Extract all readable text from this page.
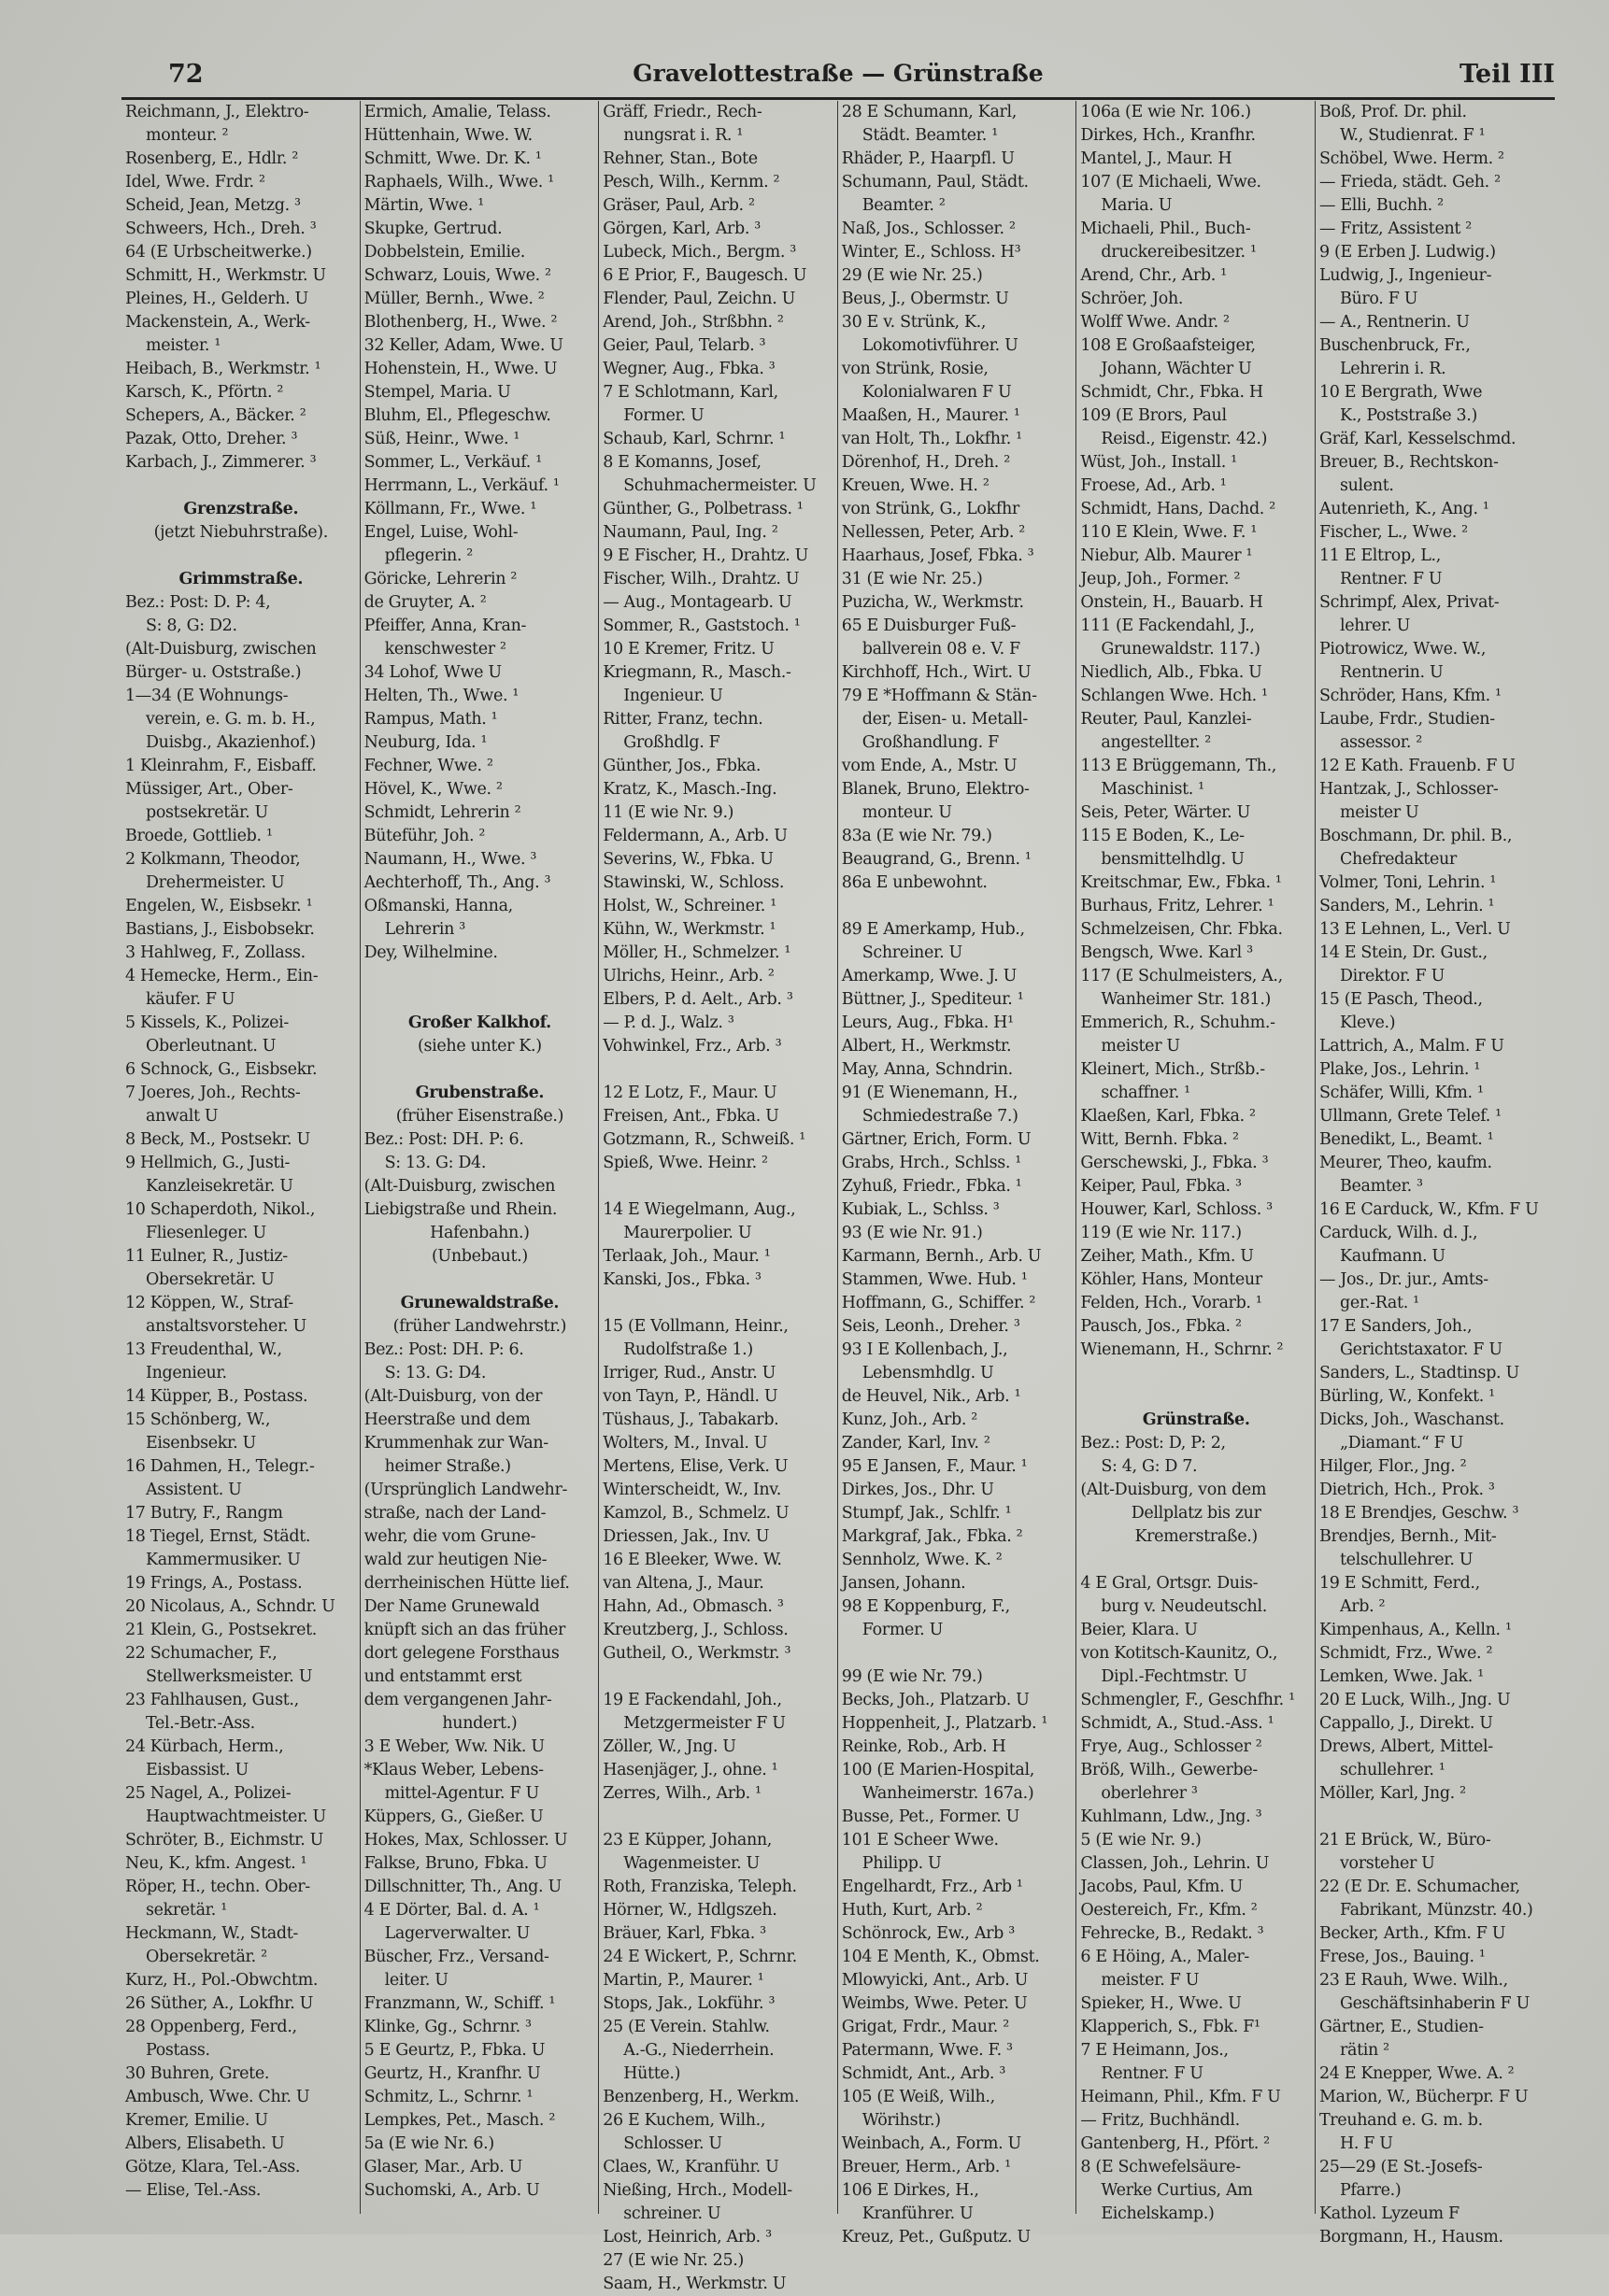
72	Gravelottestraße — Grünstraße	Teil III
Reichmann, J., Elektro-
monteur. ²
Rosenberg, E., Hdlr. ²
Idel, Wwe. Frdr. ²
Scheid, Jean, Metzg. ³
Schweers, Hch., Dreh. ³
64 (E Urbscheitwerke.)
Schmitt, H., Werkmstr. U
Pleines, H., Gelderh. U
Mackenstein, A., Werk-
meister. ¹
Heibach, B., Werkmstr. ¹
Karsch, K., Pförtn. ²
Schepers, A., Bäcker. ²
Pazak, Otto, Dreher. ³
Karbach, J., Zimmerer. ³
Grenzstraße.
(jetzt Niebuhrstraße).
Grimmstraße.
Bez.: Post: D. P: 4,
S: 8, G: D2.
(Alt-Duisburg, zwischen
Bürger- u. Oststraße.)
1—34 (E Wohnungs-
verein, e. G. m. b. H.,
Duisbg., Akazienhof.)
1 Kleinrahm, F., Eisbaff.
Müssiger, Art., Ober-
postsekretär. U
Broede, Gottlieb. ¹
2 Kolkmann, Theodor,
Drehermeister. U
Engelen, W., Eisbsekr. ¹
Bastians, J., Eisbobsekr.
3 Hahlweg, F., Zollass.
4 Hemecke, Herm., Ein-
käufer. F U
5 Kissels, K., Polizei-
Oberleutnant. U
6 Schnock, G., Eisbsekr.
7 Joeres, Joh., Rechts-
anwalt U
8 Beck, M., Postsekr. U
9 Hellmich, G., Justi-
Kanzleisekretär. U
10 Schaperdoth, Nikol.,
Fliesenleger. U
11 Eulner, R., Justiz-
Obersekretär. U
12 Köppen, W., Straf-
anstaltsvorsteher. U
13 Freudenthal, W.,
Ingenieur.
14 Küpper, B., Postass.
15 Schönberg, W.,
Eisenbsekr. U
16 Dahmen, H., Telegr.-
Assistent. U
17 Butry, F., Rangm
18 Tiegel, Ernst, Städt.
Kammermusiker. U
19 Frings, A., Postass.
20 Nicolaus, A., Schndr. U
21 Klein, G., Postsekret.
22 Schumacher, F.,
Stellwerksmeister. U
23 Fahlhausen, Gust.,
Tel.-Betr.-Ass.
24 Kürbach, Herm.,
Eisbassist. U
25 Nagel, A., Polizei-
Hauptwachtmeister. U
Schröter, B., Eichmstr. U
Neu, K., kfm. Angest. ¹
Röper, H., techn. Ober-
sekretär. ¹
Heckmann, W., Stadt-
Obersekretär. ²
Kurz, H., Pol.-Obwchtm.
26 Süther, A., Lokfhr. U
28 Oppenberg, Ferd.,
Postass.
30 Buhren, Grete.
Ambusch, Wwe. Chr. U
Kremer, Emilie. U
Albers, Elisabeth. U
Götze, Klara, Tel.-Ass.
— Elise, Tel.-Ass.
Ermich, Amalie, Telass.
Hüttenhain, Wwe. W.
Schmitt, Wwe. Dr. K. ¹
Raphaels, Wilh., Wwe. ¹
Märtin, Wwe. ¹
Skupke, Gertrud.
Dobbelstein, Emilie.
Schwarz, Louis, Wwe. ²
Müller, Bernh., Wwe. ²
Blothenberg, H., Wwe. ²
32 Keller, Adam, Wwe. U
Hohenstein, H., Wwe. U
Stempel, Maria. U
Bluhm, El., Pflegeschw.
Süß, Heinr., Wwe. ¹
Sommer, L., Verkäuf. ¹
Herrmann, L., Verkäuf. ¹
Köllmann, Fr., Wwe. ¹
Engel, Luise, Wohl-
pflegerin. ²
Göricke, Lehrerin ²
de Gruyter, A. ²
Pfeiffer, Anna, Kran-
kenschwester ²
34 Lohof, Wwe U
Helten, Th., Wwe. ¹
Rampus, Math. ¹
Neuburg, Ida. ¹
Fechner, Wwe. ²
Hövel, K., Wwe. ²
Schmidt, Lehrerin ²
Büteführ, Joh. ²
Naumann, H., Wwe. ³
Aechterhoff, Th., Ang. ³
Oßmanski, Hanna,
Lehrerin ³
Dey, Wilhelmine.
Großer Kalkhof.
(siehe unter K.)
Grubenstraße.
(früher Eisenstraße.)
Bez.: Post: DH. P: 6.
S: 13. G: D4.
(Alt-Duisburg, zwischen
Liebigstraße und Rhein.
Hafenbahn.)
(Unbebaut.)
Grunewaldstraße.
(früher Landwehrstr.)
Bez.: Post: DH. P: 6.
S: 13. G: D4.
(Alt-Duisburg, von der
Heerstraße und dem
Krummenhak zur Wan-
heimer Straße.)
(Ursprünglich Landwehr-
straße, nach der Land-
wehr, die vom Grune-
wald zur heutigen Nie-
derrheinischen Hütte lief.
Der Name Grunewald
knüpft sich an das früher
dort gelegene Forsthaus
und entstammt erst
dem vergangenen Jahr-
hundert.)
3 E Weber, Ww. Nik. U
*Klaus Weber, Lebens-
mittel-Agentur. F U
Küppers, G., Gießer. U
Hokes, Max, Schlosser. U
Falkse, Bruno, Fbka. U
Dillschnitter, Th., Ang. U
4 E Dörter, Bal. d. A. ¹
Lagerverwalter. U
Büscher, Frz., Versand-
leiter. U
Franzmann, W., Schiff. ¹
Klinke, Gg., Schrnr. ³
5 E Geurtz, P., Fbka. U
Geurtz, H., Kranfhr. U
Schmitz, L., Schrnr. ¹
Lempkes, Pet., Masch. ²
5a (E wie Nr. 6.)
Glaser, Mar., Arb. U
Suchomski, A., Arb. U
Gräff, Friedr., Rech-
nungsrat i. R. ¹
Rehner, Stan., Bote
Pesch, Wilh., Kernm. ²
Gräser, Paul, Arb. ²
Görgen, Karl, Arb. ³
Lubeck, Mich., Bergm. ³
6 E Prior, F., Baugesch. U
Flender, Paul, Zeichn. U
Arend, Joh., Strßbhn. ²
Geier, Paul, Telarb. ³
Wegner, Aug., Fbka. ³
7 E Schlotmann, Karl,
Former. U
Schaub, Karl, Schrnr. ¹
8 E Komanns, Josef,
Schuhmachermeister. U
Günther, G., Polbetrass. ¹
Naumann, Paul, Ing. ²
9 E Fischer, H., Drahtz. U
Fischer, Wilh., Drahtz. U
— Aug., Montagearb. U
Sommer, R., Gaststoch. ¹
10 E Kremer, Fritz. U
Kriegmann, R., Masch.-
Ingenieur. U
Ritter, Franz, techn.
Großhdlg. F
Günther, Jos., Fbka.
Kratz, K., Masch.-Ing.
11 (E wie Nr. 9.)
Feldermann, A., Arb. U
Severins, W., Fbka. U
Stawinski, W., Schloss.
Holst, W., Schreiner. ¹
Kühn, W., Werkmstr. ¹
Möller, H., Schmelzer. ¹
Ulrichs, Heinr., Arb. ²
Elbers, P. d. Aelt., Arb. ³
— P. d. J., Walz. ³
Vohwinkel, Frz., Arb. ³
12 E Lotz, F., Maur. U
Freisen, Ant., Fbka. U
Gotzmann, R., Schweiß. ¹
Spieß, Wwe. Heinr. ²
14 E Wiegelmann, Aug.,
Maurerpolier. U
Terlaak, Joh., Maur. ¹
Kanski, Jos., Fbka. ³
15 (E Vollmann, Heinr.,
Rudolfstraße 1.)
Irriger, Rud., Anstr. U
von Tayn, P., Händl. U
Tüshaus, J., Tabakarb.
Wolters, M., Inval. U
Mertens, Elise, Verk. U
Winterscheidt, W., Inv.
Kamzol, B., Schmelz. U
Driessen, Jak., Inv. U
16 E Bleeker, Wwe. W.
van Altena, J., Maur.
Hahn, Ad., Obmasch. ³
Kreutzberg, J., Schloss.
Gutheil, O., Werkmstr. ³
19 E Fackendahl, Joh.,
Metzgermeister F U
Zöller, W., Jng. U
Hasenjäger, J., ohne. ¹
Zerres, Wilh., Arb. ¹
23 E Küpper, Johann,
Wagenmeister. U
Roth, Franziska, Teleph.
Hörner, W., Hdlgszeh.
Bräuer, Karl, Fbka. ³
24 E Wickert, P., Schrnr.
Martin, P., Maurer. ¹
Stops, Jak., Lokführ. ³
25 (E Verein. Stahlw.
A.-G., Niederrhein.
Hütte.)
Benzenberg, H., Werkm.
26 E Kuchem, Wilh.,
Schlosser. U
Claes, W., Kranführ. U
Nießing, Hrch., Modell-
schreiner. U
Lost, Heinrich, Arb. ³
27 (E wie Nr. 25.)
Saam, H., Werkmstr. U
28 E Schumann, Karl,
Städt. Beamter. ¹
Rhäder, P., Haarpfl. U
Schumann, Paul, Städt.
Beamter. ²
Naß, Jos., Schlosser. ²
Winter, E., Schloss. H³
29 (E wie Nr. 25.)
Beus, J., Obermstr. U
30 E v. Strünk, K.,
Lokomotivführer. U
von Strünk, Rosie,
Kolonialwaren F U
Maaßen, H., Maurer. ¹
van Holt, Th., Lokfhr. ¹
Dörenhof, H., Dreh. ²
Kreuen, Wwe. H. ²
von Strünk, G., Lokfhr
Nellessen, Peter, Arb. ²
Haarhaus, Josef, Fbka. ³
31 (E wie Nr. 25.)
Puzicha, W., Werkmstr.
65 E Duisburger Fuß-
ballverein 08 e. V. F
Kirchhoff, Hch., Wirt. U
79 E *Hoffmann & Stän-
der, Eisen- u. Metall-
Großhandlung. F
vom Ende, A., Mstr. U
Blanek, Bruno, Elektro-
monteur. U
83a (E wie Nr. 79.)
Beaugrand, G., Brenn. ¹
86a E unbewohnt.
89 E Amerkamp, Hub.,
Schreiner. U
Amerkamp, Wwe. J. U
Büttner, J., Spediteur. ¹
Leurs, Aug., Fbka. H¹
Albert, H., Werkmstr.
May, Anna, Schndrin.
91 (E Wienemann, H.,
Schmiedestraße 7.)
Gärtner, Erich, Form. U
Grabs, Hrch., Schlss. ¹
Zyhuß, Friedr., Fbka. ¹
Kubiak, L., Schlss. ³
93 (E wie Nr. 91.)
Karmann, Bernh., Arb. U
Stammen, Wwe. Hub. ¹
Hoffmann, G., Schiffer. ²
Seis, Leonh., Dreher. ³
93 I E Kollenbach, J.,
Lebensmhdlg. U
de Heuvel, Nik., Arb. ¹
Kunz, Joh., Arb. ²
Zander, Karl, Inv. ²
95 E Jansen, F., Maur. ¹
Dirkes, Jos., Dhr. U
Stumpf, Jak., Schlfr. ¹
Markgraf, Jak., Fbka. ²
Sennholz, Wwe. K. ²
Jansen, Johann.
98 E Koppenburg, F.,
Former. U
99 (E wie Nr. 79.)
Becks, Joh., Platzarb. U
Hoppenheit, J., Platzarb. ¹
Reinke, Rob., Arb. H
100 (E Marien-Hospital,
Wanheimerstr. 167a.)
Busse, Pet., Former. U
101 E Scheer Wwe.
Philipp. U
Engelhardt, Frz., Arb ¹
Huth, Kurt, Arb. ²
Schönrock, Ew., Arb ³
104 E Menth, K., Obmst.
Mlowyicki, Ant., Arb. U
Weimbs, Wwe. Peter. U
Grigat, Frdr., Maur. ²
Patermann, Wwe. F. ³
Schmidt, Ant., Arb. ³
105 (E Weiß, Wilh.,
Wörihstr.)
Weinbach, A., Form. U
Breuer, Herm., Arb. ¹
106 E Dirkes, H.,
Kranführer. U
Kreuz, Pet., Gußputz. U
106a (E wie Nr. 106.)
Dirkes, Hch., Kranfhr.
Mantel, J., Maur. H
107 (E Michaeli, Wwe.
Maria. U
Michaeli, Phil., Buch-
druckereibesitzer. ¹
Arend, Chr., Arb. ¹
Schröer, Joh.
Wolff Wwe. Andr. ²
108 E Großaafsteiger,
Johann, Wächter U
Schmidt, Chr., Fbka. H
109 (E Brors, Paul
Reisd., Eigenstr. 42.)
Wüst, Joh., Install. ¹
Froese, Ad., Arb. ¹
Schmidt, Hans, Dachd. ²
110 E Klein, Wwe. F. ¹
Niebur, Alb. Maurer ¹
Jeup, Joh., Former. ²
Onstein, H., Bauarb. H
111 (E Fackendahl, J.,
Grunewaldstr. 117.)
Niedlich, Alb., Fbka. U
Schlangen Wwe. Hch. ¹
Reuter, Paul, Kanzlei-
angestellter. ²
113 E Brüggemann, Th.,
Maschinist. ¹
Seis, Peter, Wärter. U
115 E Boden, K., Le-
bensmittelhdlg. U
Kreitschmar, Ew., Fbka. ¹
Burhaus, Fritz, Lehrer. ¹
Schmelzeisen, Chr. Fbka.
Bengsch, Wwe. Karl ³
117 (E Schulmeisters, A.,
Wanheimer Str. 181.)
Emmerich, R., Schuhm.-
meister U
Kleinert, Mich., Strßb.-
schaffner. ¹
Klaeßen, Karl, Fbka. ²
Witt, Bernh. Fbka. ²
Gerschewski, J., Fbka. ³
Keiper, Paul, Fbka. ³
Houwer, Karl, Schloss. ³
119 (E wie Nr. 117.)
Zeiher, Math., Kfm. U
Köhler, Hans, Monteur
Felden, Hch., Vorarb. ¹
Pausch, Jos., Fbka. ²
Wienemann, H., Schrnr. ²
Grünstraße.
Bez.: Post: D, P: 2,
S: 4, G: D 7.
(Alt-Duisburg, von dem
Dellplatz bis zur
Kremerstraße.)
4 E Gral, Ortsgr. Duis-
burg v. Neudeutschl.
Beier, Klara. U
von Kotitsch-Kaunitz, O.,
Dipl.-Fechtmstr. U
Schmengler, F., Geschfhr. ¹
Schmidt, A., Stud.-Ass. ¹
Frye, Aug., Schlosser ²
Bröß, Wilh., Gewerbe-
oberlehrer ³
Kuhlmann, Ldw., Jng. ³
5 (E wie Nr. 9.)
Classen, Joh., Lehrin. U
Jacobs, Paul, Kfm. U
Oestereich, Fr., Kfm. ²
Fehrecke, B., Redakt. ³
6 E Höing, A., Maler-
meister. F U
Spieker, H., Wwe. U
Klapperich, S., Fbk. F¹
7 E Heimann, Jos.,
Rentner. F U
Heimann, Phil., Kfm. F U
— Fritz, Buchhändl.
Gantenberg, H., Pfört. ²
8 (E Schwefelsäure-
Werke Curtius, Am
Eichelskamp.)
Boß, Prof. Dr. phil.
W., Studienrat. F ¹
Schöbel, Wwe. Herm. ²
— Frieda, städt. Geh. ²
— Elli, Buchh. ²
— Fritz, Assistent ²
9 (E Erben J. Ludwig.)
Ludwig, J., Ingenieur-
Büro. F U
— A., Rentnerin. U
Buschenbruck, Fr.,
Lehrerin i. R.
10 E Bergrath, Wwe
K., Poststraße 3.)
Gräf, Karl, Kesselschmd.
Breuer, B., Rechtskon-
sulent.
Autenrieth, K., Ang. ¹
Fischer, L., Wwe. ²
11 E Eltrop, L.,
Rentner. F U
Schrimpf, Alex, Privat-
lehrer. U
Piotrowicz, Wwe. W.,
Rentnerin. U
Schröder, Hans, Kfm. ¹
Laube, Frdr., Studien-
assessor. ²
12 E Kath. Frauenb. F U
Hantzak, J., Schlosser-
meister U
Boschmann, Dr. phil. B.,
Chefredakteur
Volmer, Toni, Lehrin. ¹
Sanders, M., Lehrin. ¹
13 E Lehnen, L., Verl. U
14 E Stein, Dr. Gust.,
Direktor. F U
15 (E Pasch, Theod.,
Kleve.)
Lattrich, A., Malm. F U
Plake, Jos., Lehrin. ¹
Schäfer, Willi, Kfm. ¹
Ullmann, Grete Telef. ¹
Benedikt, L., Beamt. ¹
Meurer, Theo, kaufm.
Beamter. ³
16 E Carduck, W., Kfm. F U
Carduck, Wilh. d. J.,
Kaufmann. U
— Jos., Dr. jur., Amts-
ger.-Rat. ¹
17 E Sanders, Joh.,
Gerichtstaxator. F U
Sanders, L., Stadtinsp. U
Bürling, W., Konfekt. ¹
Dicks, Joh., Waschanst.
„Diamant.“ F U
Hilger, Flor., Jng. ²
Dietrich, Hch., Prok. ³
18 E Brendjes, Geschw. ³
Brendjes, Bernh., Mit-
telschullehrer. U
19 E Schmitt, Ferd.,
Arb. ²
Kimpenhaus, A., Kelln. ¹
Schmidt, Frz., Wwe. ²
Lemken, Wwe. Jak. ¹
20 E Luck, Wilh., Jng. U
Cappallo, J., Direkt. U
Drews, Albert, Mittel-
schullehrer. ¹
Möller, Karl, Jng. ²
21 E Brück, W., Büro-
vorsteher U
22 (E Dr. E. Schumacher,
Fabrikant, Münzstr. 40.)
Becker, Arth., Kfm. F U
Frese, Jos., Bauing. ¹
23 E Rauh, Wwe. Wilh.,
Geschäftsinhaberin F U
Gärtner, E., Studien-
rätin ²
24 E Knepper, Wwe. A. ²
Marion, W., Bücherpr. F U
Treuhand e. G. m. b.
H. F U
25—29 (E St.-Josefs-
Pfarre.)
Kathol. Lyzeum F
Borgmann, H., Hausm.
